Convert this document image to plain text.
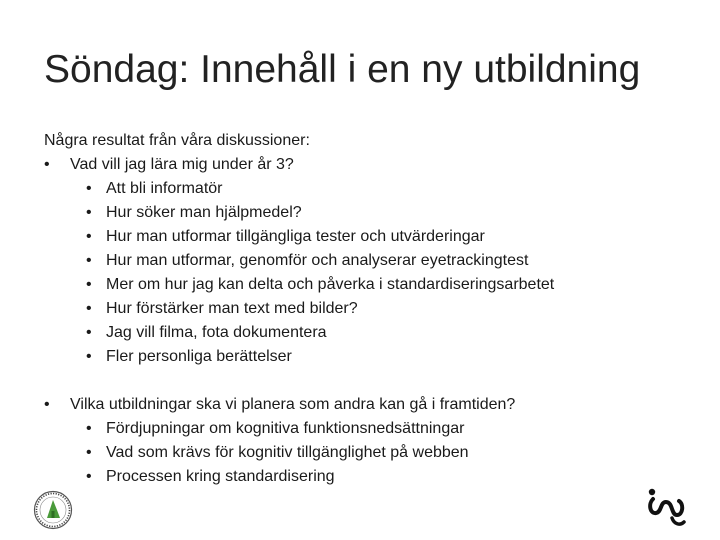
Söndag: Innehåll i en ny utbildning
Några resultat från våra diskussioner:
• Vad vill jag lära mig under år 3?
• Att bli informatör
• Hur söker man hjälpmedel?
• Hur man utformar tillgängliga tester och utvärderingar
• Hur man utformar, genomför och analyserar eyetrackingtest
• Mer om hur jag kan delta och påverka i standardiseringsarbetet
• Hur förstärker man text med bilder?
• Jag vill filma, fota dokumentera
• Fler personliga berättelser
• Vilka utbildningar ska vi planera som andra kan gå i framtiden?
• Fördjupningar om kognitiva funktionsnedsättningar
• Vad som krävs för kognitiv tillgänglighet på webben
• Processen kring standardisering
